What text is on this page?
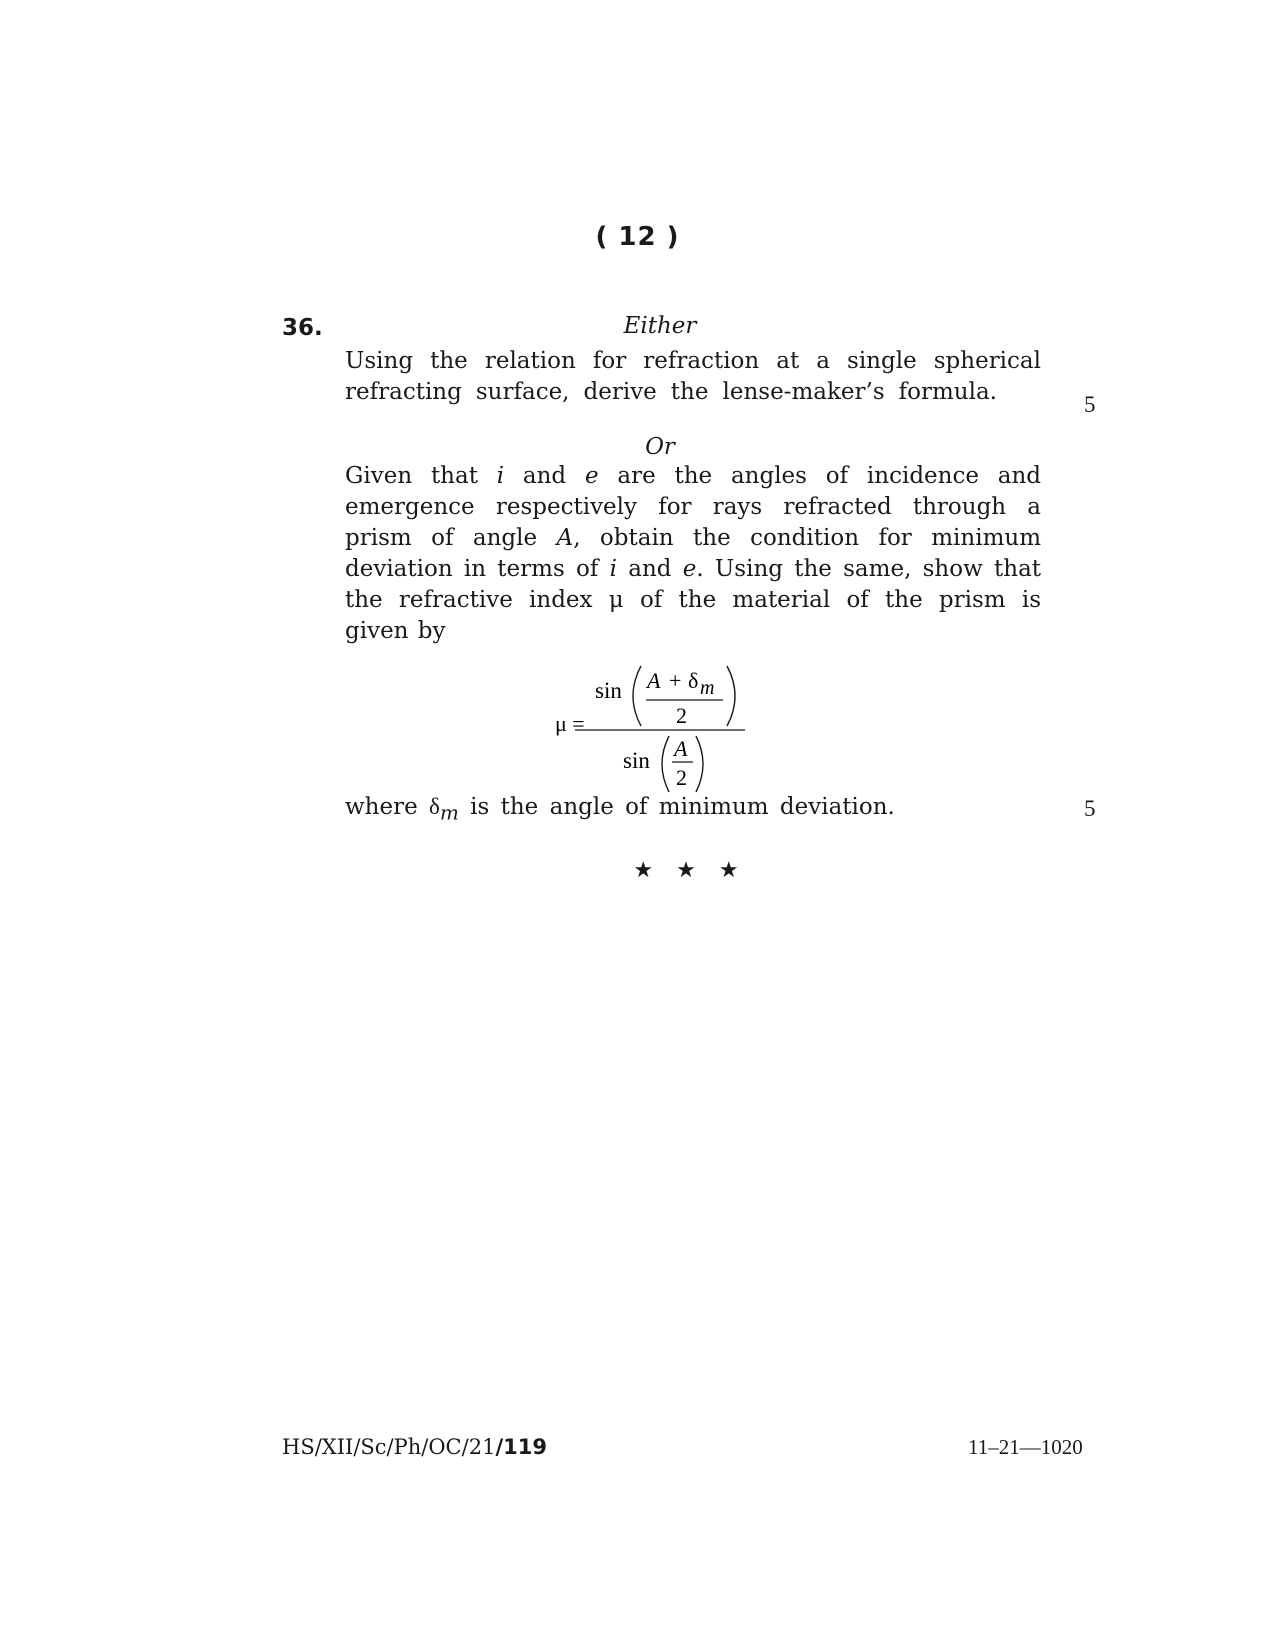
( 12 )
36.	Either
Using the relation for refraction at a single spherical
refracting surface, derive the lense-maker’s formula.	5
Or
Given that i and e are the angles of incidence and
emergence respectively for rays refracted through a
prism of angle A, obtain the condition for minimum
deviation in terms of i and e. Using the same, show that
the refractive index μ of the material of the prism is
given by
μ =
sin A + δ m
2
sin A
2
where $\delta_m$ is the angle of minimum deviation.	5
★ ★ ★
HS/XII/Sc/Ph/OC/21/119	11–21—1020
